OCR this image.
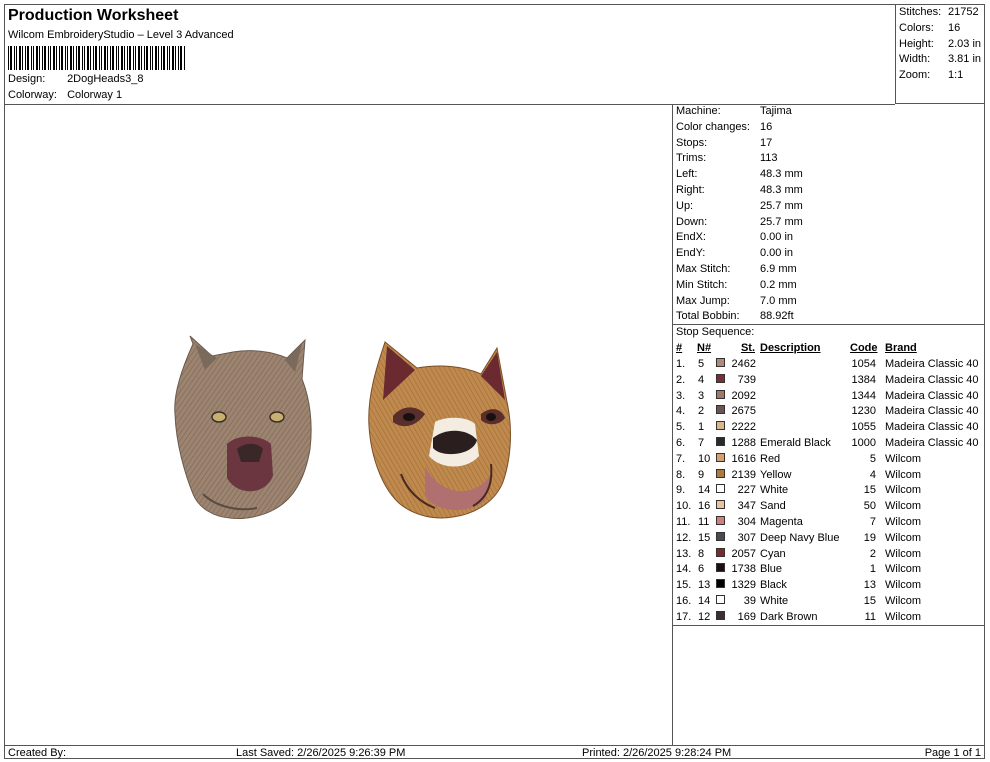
Production Worksheet
Wilcom EmbroideryStudio – Level 3 Advanced
Design: 2DogHeads3_8
Colorway: Colorway 1
Stitches: 21752
Colors: 16
Height: 2.03 in
Width: 3.81 in
Zoom: 1:1
Machine:	Tajima
Color changes: 16
Stops:	17
Trims:	113
Left:	48.3 mm
Right:	48.3 mm
Up:	25.7 mm
Down:	25.7 mm
EndX:	0.00 in
EndY:	0.00 in
Max Stitch:	6.9 mm
Min Stitch:	0.2 mm
Max Jump:	7.0 mm
Total Bobbin: 88.92ft
Stop Sequence:
# N#	St. Description	Code Brand
1. 5	2462	1054 Madeira Classic 40
2. 4	739	1384 Madeira Classic 40
3. 3	2092	1344 Madeira Classic 40
4. 2	2675	1230 Madeira Classic 40
5. 1	2222	1055 Madeira Classic 40
6. 7	1288 Emerald Black	1000 Madeira Classic 40
7. 10	1616 Red	5 Wilcom
8. 9	2139 Yellow	4 Wilcom
9. 14	227 White	15 Wilcom
10. 16	347 Sand	50 Wilcom
11. 11	304 Magenta	7 Wilcom
12. 15	307 Deep Navy Blue	19 Wilcom
13. 8	2057 Cyan	2 Wilcom
14. 6	1738 Blue	1 Wilcom
15. 13	1329 Black	13 Wilcom
16. 14	39 White	15 Wilcom
17. 12	169 Dark Brown	11 Wilcom
Created By:	Last Saved: 2/26/2025 9:26:39 PM	Printed: 2/26/2025 9:28:24 PM	Page 1 of 1
